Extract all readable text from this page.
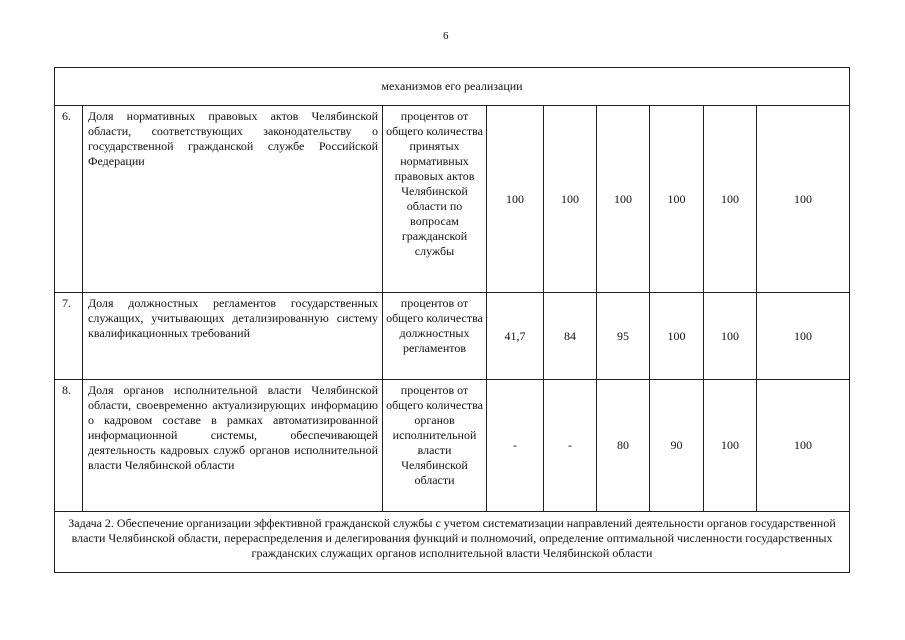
6
механизмов его реализации								
6.	Доля нормативных правовых актов Челябинской области, соответствующих законодательству о государственной гражданской службе Российской Федерации	процентов от общего количества принятых нормативных правовых актов Челябинской области по вопросам гражданской службы	100	100	100	100	100	100
7.	Доля должностных регламентов государственных служащих, учитывающих детализированную систему квалификационных требований	процентов от общего количества должностных регламентов	41,7	84	95	100	100	100
8.	Доля органов исполнительной власти Челябинской области, своевременно актуализирующих информацию о кадровом составе в рамках автоматизированной информационной системы, обеспечивающей деятельность кадровых служб органов исполнительной власти Челябинской области	процентов от общего количества органов исполнительной власти Челябинской области	-	-	80	90	100	100
Задача 2. Обеспечение организации эффективной гражданской службы с учетом систематизации направлений деятельности органов государственной власти Челябинской области, перераспределения и делегирования функций и полномочий, определение оптимальной численности государственных гражданских служащих органов исполнительной власти Челябинской области								
